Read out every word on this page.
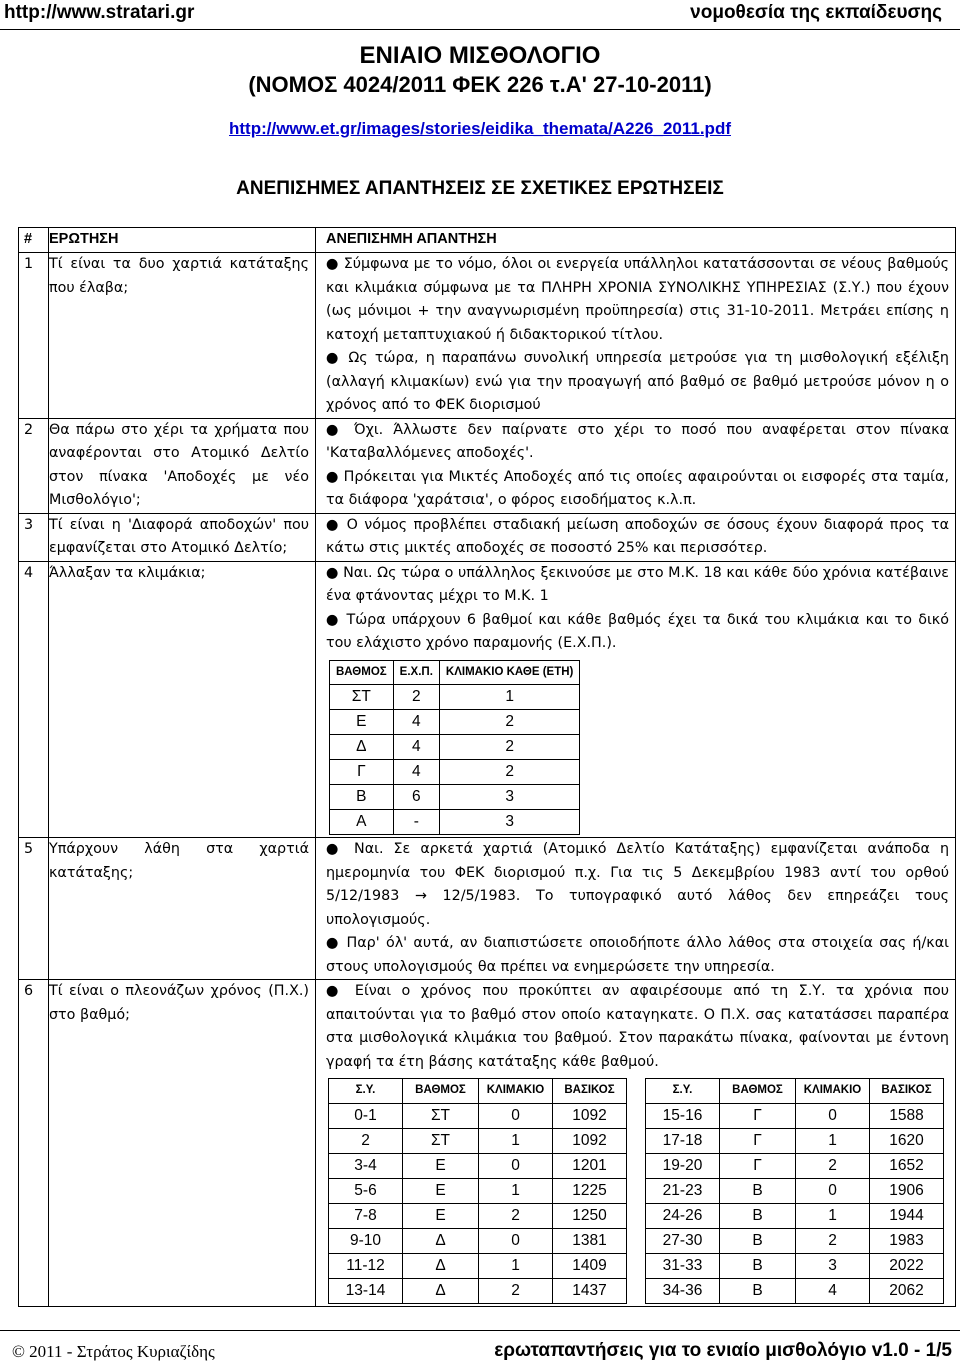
http://www.stratari.gr	νομοθεσία της εκπαίδευσης
ΕΝΙΑΙΟ ΜΙΣΘΟΛΟΓΙΟ
(ΝΟΜΟΣ 4024/2011 ΦΕΚ 226 τ.Α' 27-10-2011)
http://www.et.gr/images/stories/eidika_themata/A226_2011.pdf
ΑΝΕΠΙΣΗΜΕΣ ΑΠΑΝΤΗΣΕΙΣ ΣΕ ΣΧΕΤΙΚΕΣ ΕΡΩΤΗΣΕΙΣ
#	ΕΡΩΤΗΣΗ	ΑΝΕΠΙΣΗΜΗ ΑΠΑΝΤΗΣΗ
1	Τί είναι τα δυο χαρτιά κατάταξης που έλαβα;	
● Σύμφωνα με το νόμο, όλοι οι ενεργεία υπάλληλοι κατατάσσονται σε νέους βαθμούς και κλιμάκια σύμφωνα με τα ΠΛΗΡΗ ΧΡΟΝΙΑ ΣΥΝΟΛΙΚΗΣ ΥΠΗΡΕΣΙΑΣ (Σ.Υ.) που έχουν (ως μόνιμοι + την αναγνωρισμένη προϋπηρεσία) στις 31-10-2011. Μετράει επίσης η κατοχή μεταπτυχιακού ή διδακτορικού τίτλου.
● Ως τώρα, η παραπάνω συνολική υπηρεσία μετρούσε για τη μισθολογική εξέλιξη (αλλαγή κλιμακίων) ενώ για την προαγωγή από βαθμό σε βαθμό μετρούσε μόνον η ο χρόνος από το ΦΕΚ διορισμού

2	Θα πάρω στο χέρι τα χρήματα που αναφέρονται στο Ατομικό Δελτίο στον πίνακα 'Αποδοχές με νέο Μισθολόγιο';	
● Όχι. Άλλωστε δεν παίρνατε στο χέρι το ποσό που αναφέρεται στον πίνακα 'Καταβαλλόμενες αποδοχές'.
● Πρόκειται για Μικτές Αποδοχές από τις οποίες αφαιρούνται οι εισφορές στα ταμία, τα διάφορα 'χαράτσια', ο φόρος εισοδήματος κ.λ.π.

3	Τί είναι η 'Διαφορά αποδοχών' που εμφανίζεται στο Ατομικό Δελτίο;	
● Ο νόμος προβλέπει σταδιακή μείωση αποδοχών σε όσους έχουν διαφορά προς τα κάτω στις μικτές αποδοχές σε ποσοστό 25% και περισσότερ.

4	Άλλαξαν τα κλιμάκια;	● Ναι. Ως τώρα ο υπάλληλος ξεκινούσε με στο Μ.Κ. 18 και κάθε δύο χρόνια κατέβαινε ένα φτάνοντας μέχρι το Μ.Κ. 1
● Τώρα υπάρχουν 6 βαθμοί και κάθε βαθμός έχει τα δικά του κλιμάκια και το δικό του ελάχιστο χρόνο παραμονής (Ε.Χ.Π.).
ΒΑΘΜΟΣ	Ε.Χ.Π.	ΚΛΙΜΑΚΙΟ ΚΑΘΕ (ΕΤΗ)
ΣΤ	2	1
Ε	4	2
Δ	4	2
Γ	4	2
Β	6	3
Α	-	3

5	Υπάρχουν λάθη στα χαρτιά κατάταξης;	
● Ναι. Σε αρκετά χαρτιά (Ατομικό Δελτίο Κατάταξης) εμφανίζεται ανάποδα η ημερομηνία του ΦΕΚ διορισμού π.χ. Για τις 5 Δεκεμβρίου 1983 αντί του ορθού 5/12/1983 → 12/5/1983. Το τυπογραφικό αυτό λάθος δεν επηρεάζει τους υπολογισμούς.
● Παρ' όλ' αυτά, αν διαπιστώσετε οποιοδήποτε άλλο λάθος στα στοιχεία σας ή/και στους υπολογισμούς θα πρέπει να ενημερώσετε την υπηρεσία.

6	Τί είναι ο πλεονάζων χρόνος (Π.Χ.) στο βαθμό;	
● Είναι ο χρόνος που προκύπτει αν αφαιρέσουμε από τη Σ.Υ. τα χρόνια που απαιτούνται για το βαθμό στον οποίο καταγηκατε. Ο Π.Χ. σας κατατάσσει παραπέρα στα μισθολογικά κλιμάκια του βαθμού. Στον παρακάτω πίνακα, φαίνονται με έντονη γραφή τα έτη βάσης κατάταξης κάθε βαθμού.
Σ.Υ.	ΒΑΘΜΟΣ	ΚΛΙΜΑΚΙΟ	ΒΑΣΙΚΟΣ		Σ.Υ.	ΒΑΘΜΟΣ	ΚΛΙΜΑΚΙΟ	ΒΑΣΙΚΟΣ
0-1	ΣΤ	0	1092		15-16	Γ	0	1588
2	ΣΤ	1	1092		17-18	Γ	1	1620
3-4	Ε	0	1201		19-20	Γ	2	1652
5-6	Ε	1	1225		21-23	Β	0	1906
7-8	Ε	2	1250		24-26	Β	1	1944
9-10	Δ	0	1381		27-30	Β	2	1983
11-12	Δ	1	1409		31-33	Β	3	2022
13-14	Δ	2	1437		34-36	Β	4	2062
© 2011 - Στράτος Κυριαζίδης	ερωταπαντήσεις για το ενιαίο μισθολόγιο v1.0 - 1/5
